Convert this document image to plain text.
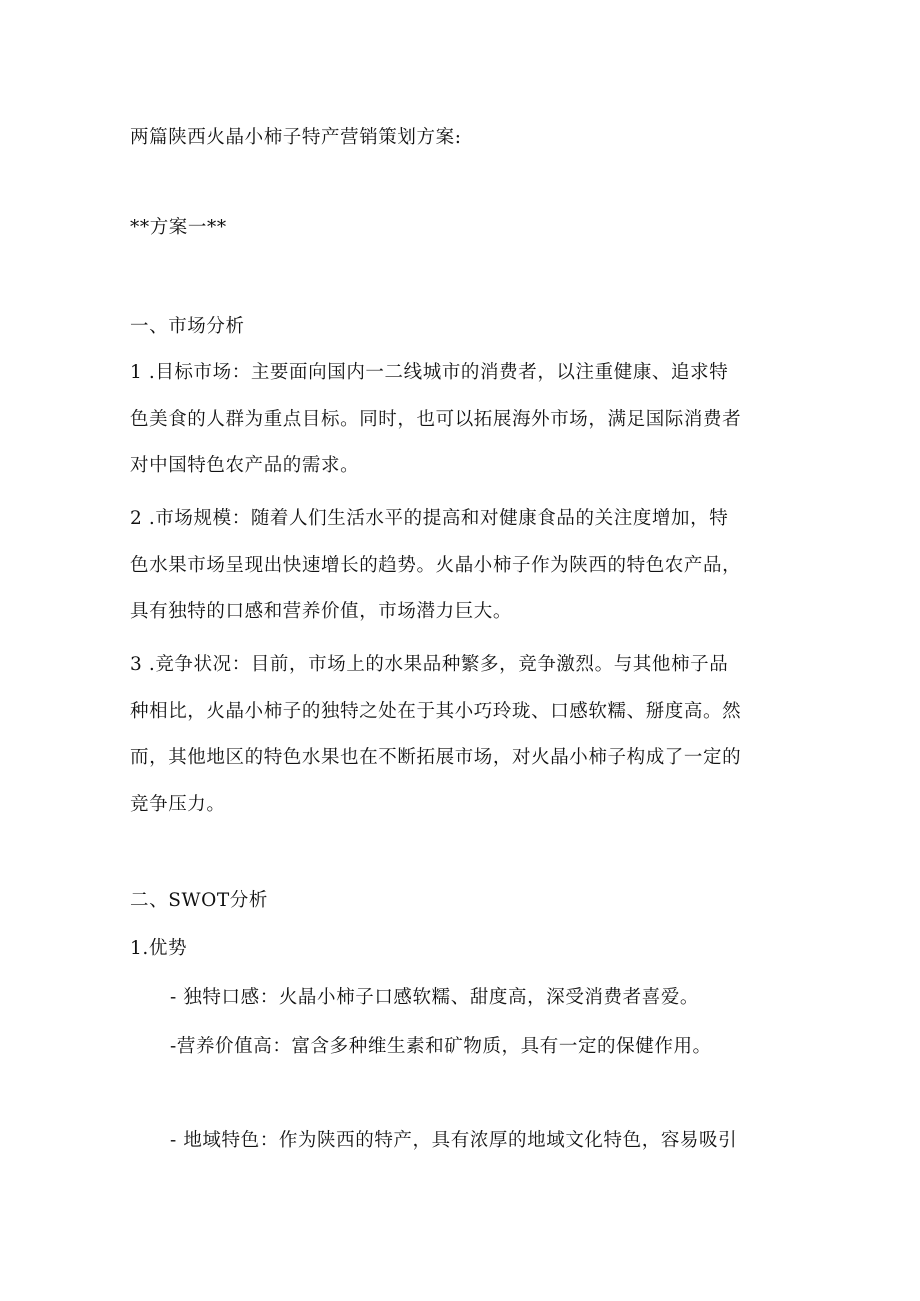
两篇陕西火晶小柿子特产营销策划方案:
**方案一**
一、市场分析
1 .目标市场：主要面向国内一二线城市的消费者，以注重健康、追求特
色美食的人群为重点目标。同时，也可以拓展海外市场，满足国际消费者
对中国特色农产品的需求。
2 .市场规模：随着人们生活水平的提高和对健康食品的关注度增加，特
色水果市场呈现出快速增长的趋势。火晶小柿子作为陕西的特色农产品，
具有独特的口感和营养价值，市场潜力巨大。
3 .竞争状况：目前，市场上的水果品种繁多，竞争激烈。与其他柿子品
种相比，火晶小柿子的独特之处在于其小巧玲珑、口感软糯、掰度高。然
而，其他地区的特色水果也在不断拓展市场，对火晶小柿子构成了一定的
竞争压力。
二、SWOT分析
1.优势
- 独特口感：火晶小柿子口感软糯、甜度高，深受消费者喜爱。
-营养价值高：富含多种维生素和矿物质，具有一定的保健作用。
- 地域特色：作为陕西的特产，具有浓厚的地域文化特色，容易吸引
